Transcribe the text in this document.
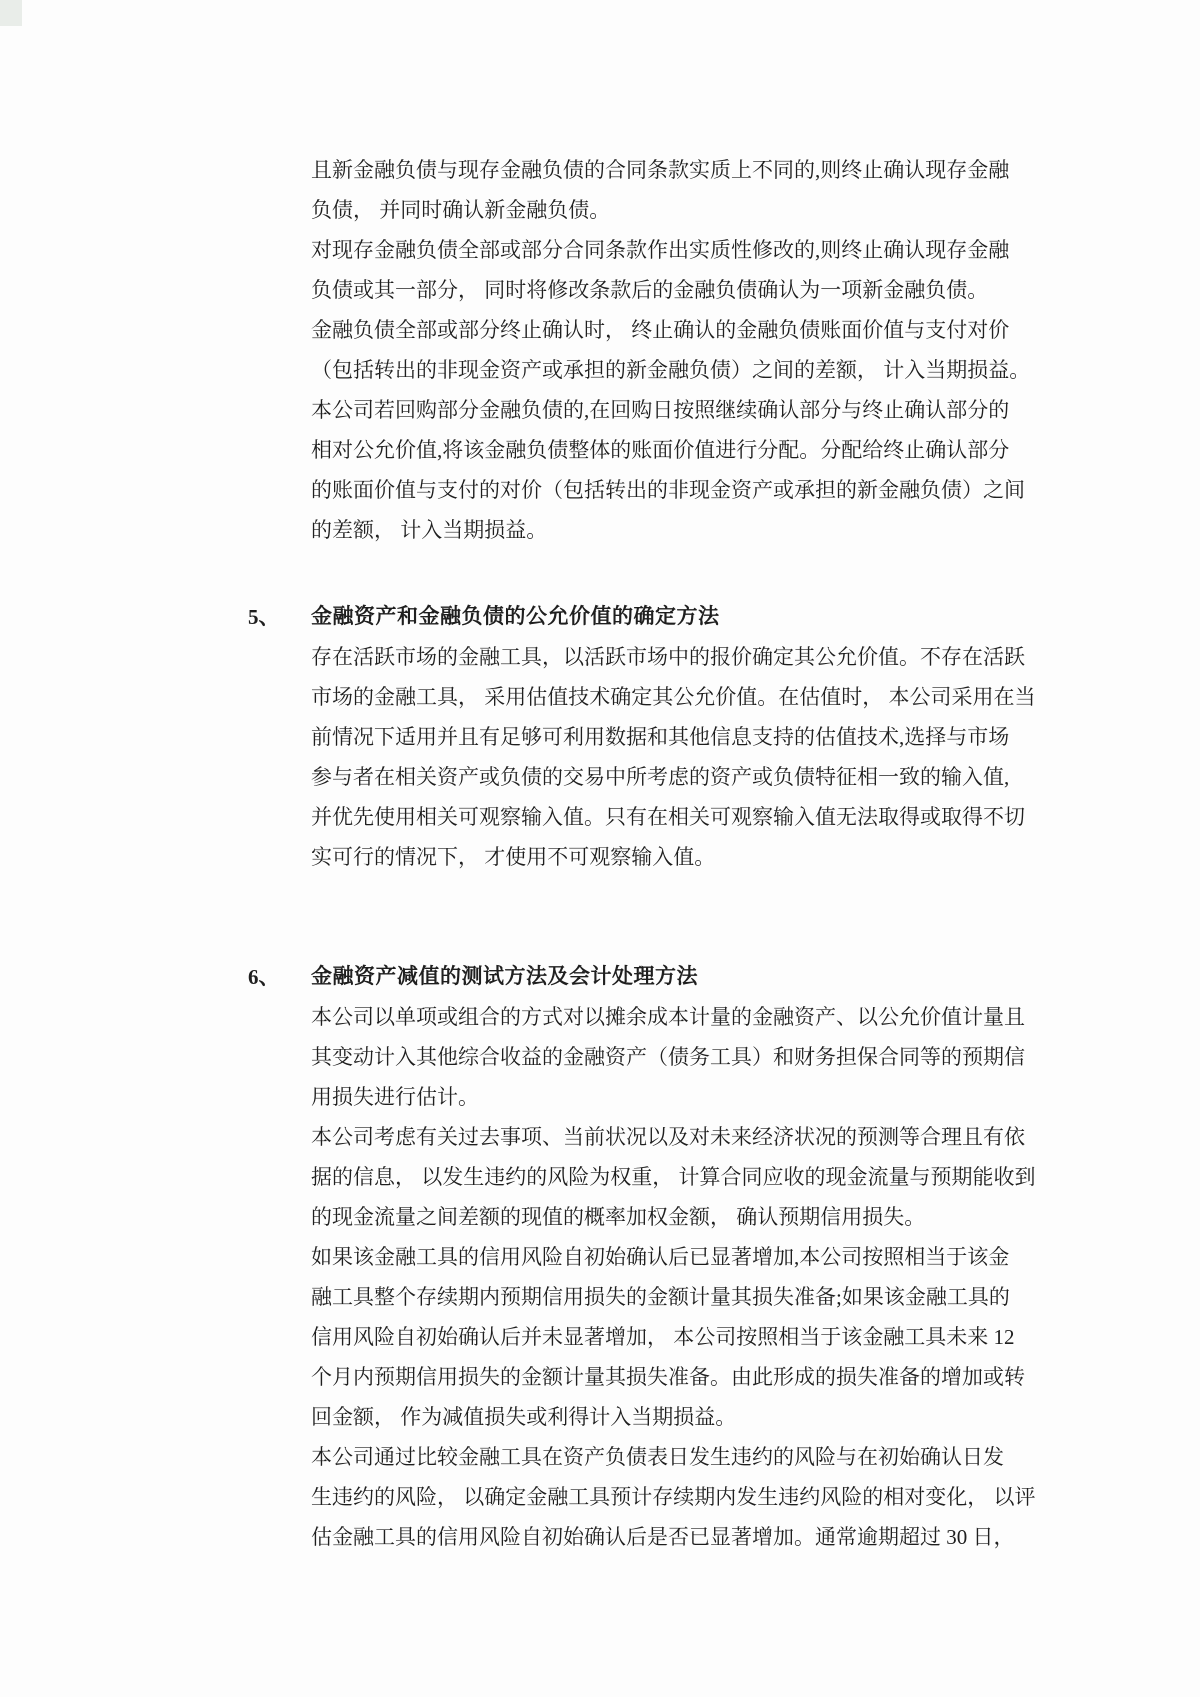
且新金融负债与现存金融负债的合同条款实质上不同的,则终止确认现存金融
负债， 并同时确认新金融负债。
对现存金融负债全部或部分合同条款作出实质性修改的,则终止确认现存金融
负债或其一部分， 同时将修改条款后的金融负债确认为一项新金融负债。
金融负债全部或部分终止确认时， 终止确认的金融负债账面价值与支付对价
（包括转出的非现金资产或承担的新金融负债）之间的差额， 计入当期损益。
本公司若回购部分金融负债的,在回购日按照继续确认部分与终止确认部分的
相对公允价值,将该金融负债整体的账面价值进行分配。分配给终止确认部分
的账面价值与支付的对价（包括转出的非现金资产或承担的新金融负债）之间
的差额， 计入当期损益。
5、	金融资产和金融负债的公允价值的确定方法
存在活跃市场的金融工具，以活跃市场中的报价确定其公允价值。不存在活跃
市场的金融工具， 采用估值技术确定其公允价值。在估值时， 本公司采用在当
前情况下适用并且有足够可利用数据和其他信息支持的估值技术,选择与市场
参与者在相关资产或负债的交易中所考虑的资产或负债特征相一致的输入值,
并优先使用相关可观察输入值。只有在相关可观察输入值无法取得或取得不切
实可行的情况下， 才使用不可观察输入值。
6、	金融资产减值的测试方法及会计处理方法
本公司以单项或组合的方式对以摊余成本计量的金融资产、以公允价值计量且
其变动计入其他综合收益的金融资产（债务工具）和财务担保合同等的预期信
用损失进行估计。
本公司考虑有关过去事项、当前状况以及对未来经济状况的预测等合理且有依
据的信息， 以发生违约的风险为权重， 计算合同应收的现金流量与预期能收到
的现金流量之间差额的现值的概率加权金额， 确认预期信用损失。
如果该金融工具的信用风险自初始确认后已显著增加,本公司按照相当于该金
融工具整个存续期内预期信用损失的金额计量其损失准备;如果该金融工具的
信用风险自初始确认后并未显著增加， 本公司按照相当于该金融工具未来 12
个月内预期信用损失的金额计量其损失准备。由此形成的损失准备的增加或转
回金额， 作为减值损失或利得计入当期损益。
本公司通过比较金融工具在资产负债表日发生违约的风险与在初始确认日发
生违约的风险， 以确定金融工具预计存续期内发生违约风险的相对变化， 以评
估金融工具的信用风险自初始确认后是否已显著增加。通常逾期超过 30 日，
